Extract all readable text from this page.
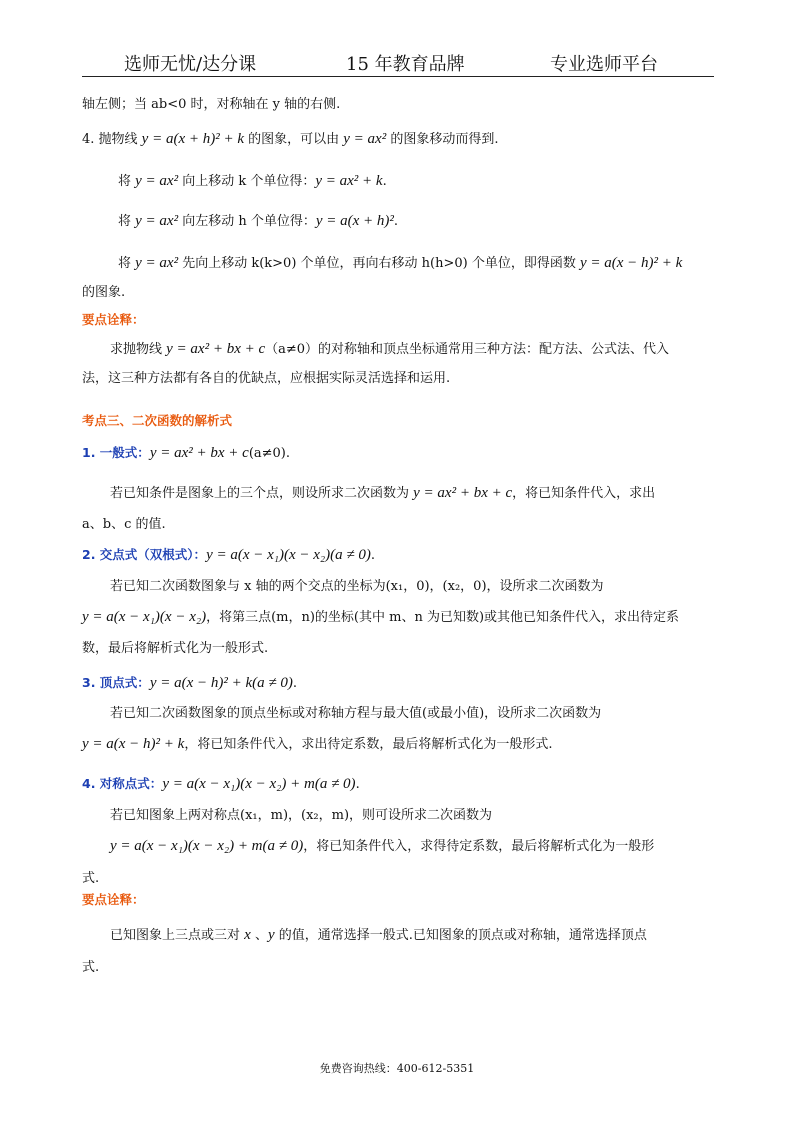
选师无忧/达分课	15 年教育品牌	专业选师平台
轴左侧；当 ab<0 时，对称轴在 y 轴的右侧.
4. 抛物线 y = a(x + h)² + k 的图象，可以由 y = ax² 的图象移动而得到.
将 y = ax² 向上移动 k 个单位得：y = ax² + k.
将 y = ax² 向左移动 h 个单位得：y = a(x + h)².
将 y = ax² 先向上移动 k(k>0) 个单位，再向右移动 h(h>0) 个单位，即得函数 y = a(x − h)² + k
的图象.
要点诠释：
求抛物线 y = ax² + bx + c（a≠0）的对称轴和顶点坐标通常用三种方法：配方法、公式法、代入
法，这三种方法都有各自的优缺点，应根据实际灵活选择和运用.
考点三、二次函数的解析式
1. 一般式：y = ax² + bx + c(a≠0).
若已知条件是图象上的三个点，则设所求二次函数为 y = ax² + bx + c，将已知条件代入，求出
a、b、c 的值.
2. 交点式（双根式）：y = a(x − x₁)(x − x₂)(a ≠ 0).
若已知二次函数图象与 x 轴的两个交点的坐标为(x₁，0)，(x₂，0)，设所求二次函数为
y = a(x − x₁)(x − x₂)，将第三点(m，n)的坐标(其中 m、n 为已知数)或其他已知条件代入，求出待定系
数，最后将解析式化为一般形式.
3. 顶点式：y = a(x − h)² + k(a ≠ 0).
若已知二次函数图象的顶点坐标或对称轴方程与最大值(或最小值)，设所求二次函数为
y = a(x − h)² + k，将已知条件代入，求出待定系数，最后将解析式化为一般形式.
4. 对称点式：y = a(x − x₁)(x − x₂) + m(a ≠ 0).
若已知图象上两对称点(x₁，m)，(x₂，m)，则可设所求二次函数为
y = a(x − x₁)(x − x₂) + m(a ≠ 0)，将已知条件代入，求得待定系数，最后将解析式化为一般形
式.
要点诠释：
已知图象上三点或三对 x 、y 的值，通常选择一般式.已知图象的顶点或对称轴，通常选择顶点
式.
免费咨询热线：400-612-5351
